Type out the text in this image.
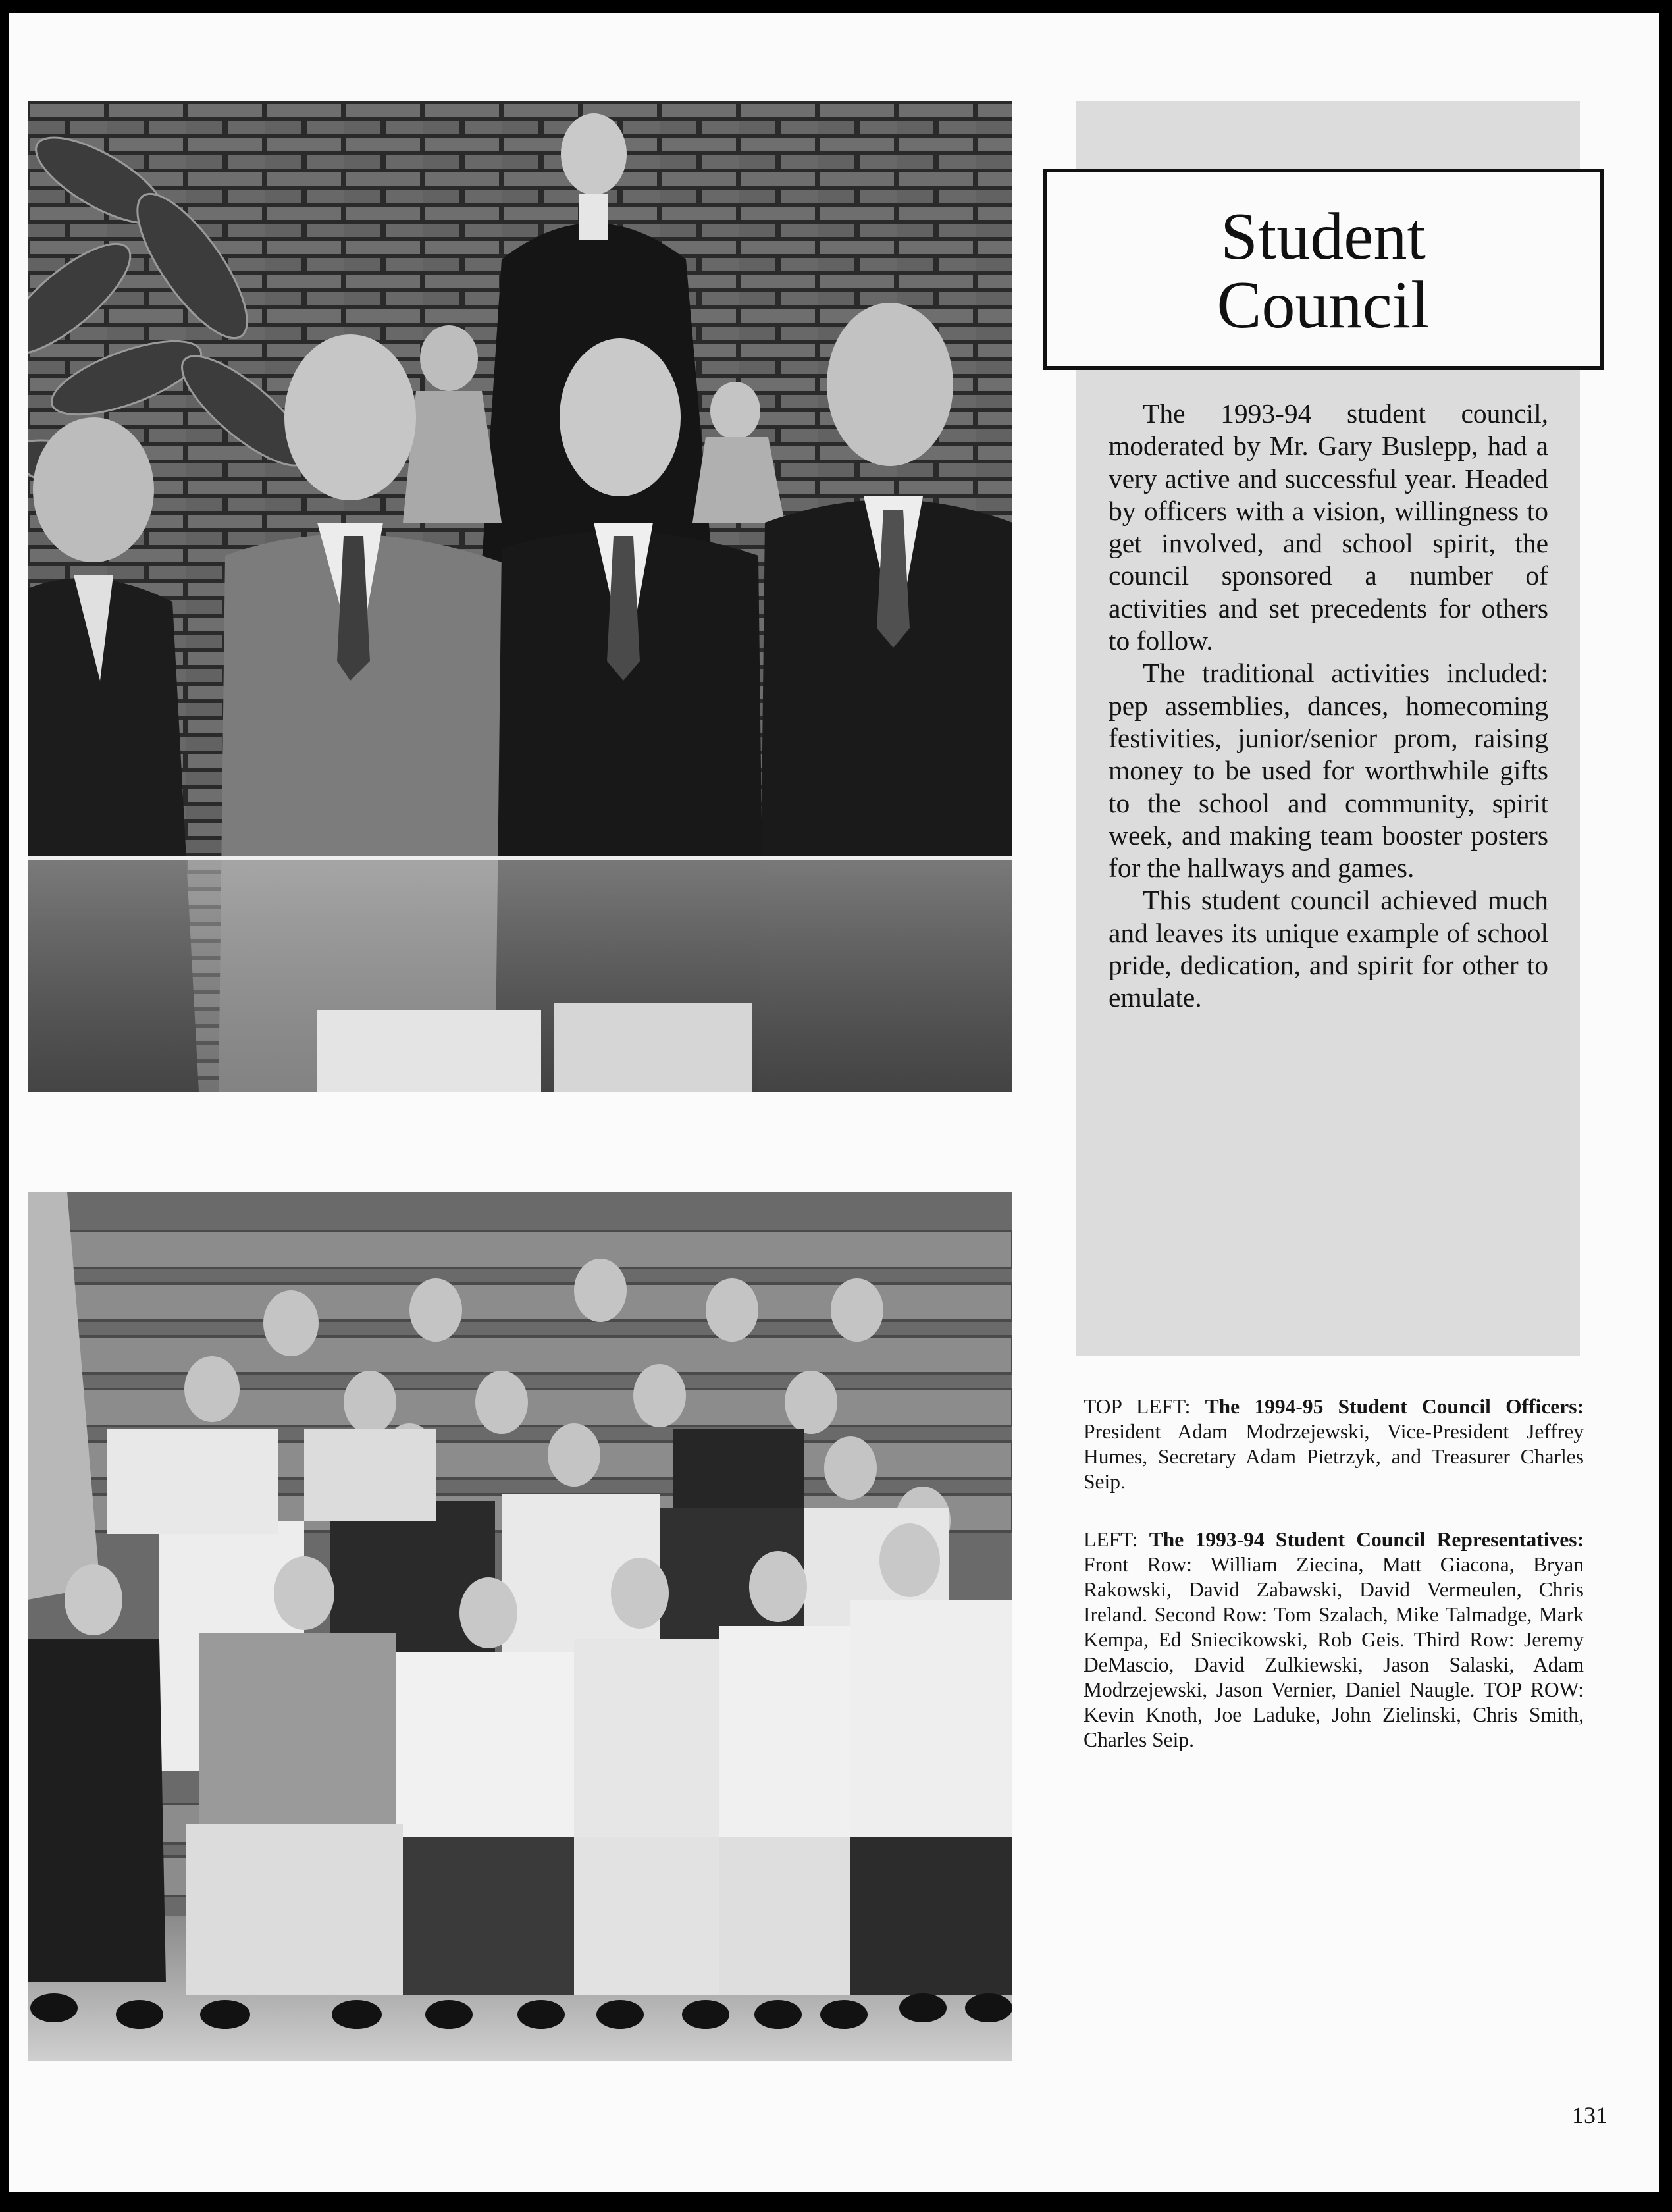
Student
Council

The 1993-94 student council, moderated by Mr. Gary Buslepp, had a very active and successful year. Headed by officers with a vision, willingness to get involved, and school spirit, the council sponsored a number of activities and set precedents for others to follow.

The traditional activities included: pep assemblies, dances, homecoming festivities, junior/senior prom, raising money to be used for worthwhile gifts to the school and community, spirit week, and making team booster posters for the hallways and games.

This student council achieved much and leaves its unique example of school pride, dedication, and spirit for other to emulate.

TOP LEFT: The 1994-95 Student Council Officers: President Adam Modrzejewski, Vice-President Jeffrey Humes, Secretary Adam Pietrzyk, and Treasurer Charles Seip.

LEFT: The 1993-94 Student Council Representatives: Front Row: William Ziecina, Matt Giacona, Bryan Rakowski, David Zabawski, David Vermeulen, Chris Ireland. Second Row: Tom Szalach, Mike Talmadge, Mark Kempa, Ed Sniecikowski, Rob Geis. Third Row: Jeremy DeMascio, David Zulkiewski, Jason Salaski, Adam Modrzejewski, Jason Vernier, Daniel Naugle. TOP ROW: Kevin Knoth, Joe Laduke, John Zielinski, Chris Smith, Charles Seip.

131
